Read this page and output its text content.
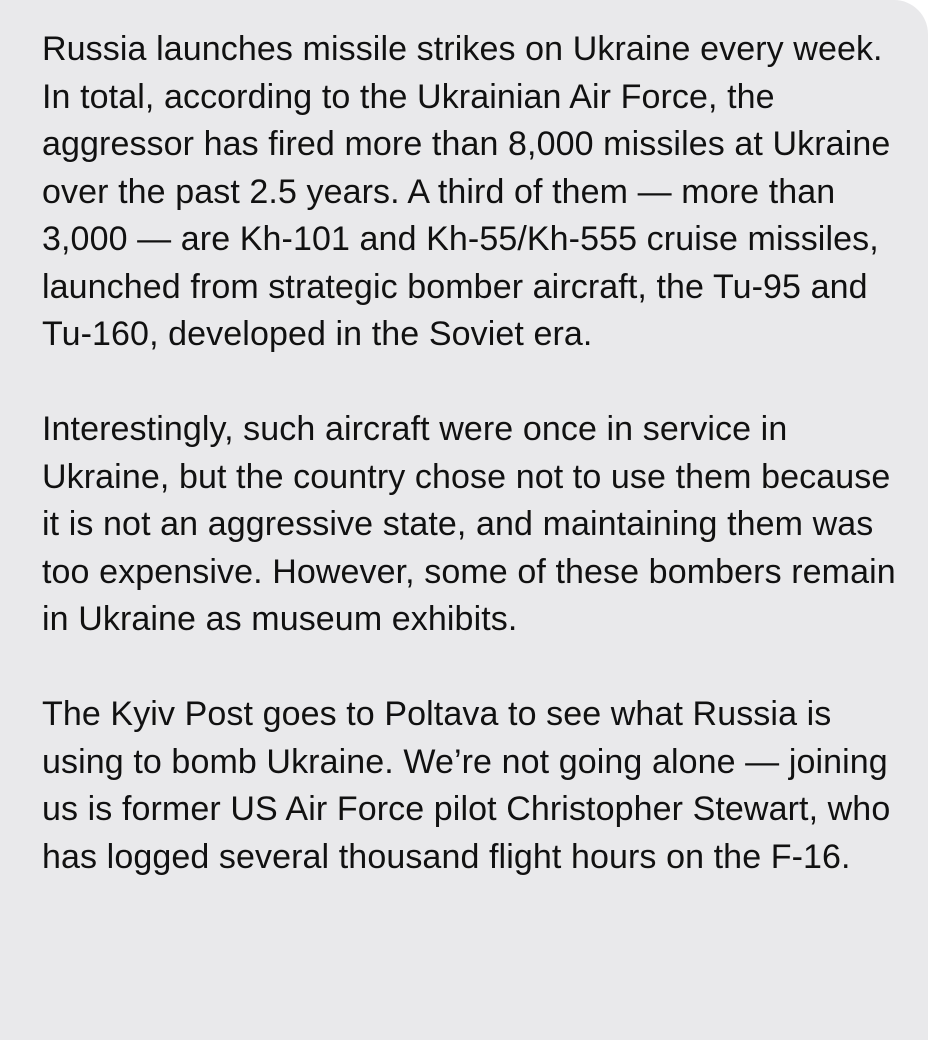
Russia launches missile strikes on Ukraine every week. In total, according to the Ukrainian Air Force, the aggressor has fired more than 8,000 missiles at Ukraine over the past 2.5 years. A third of them — more than 3,000 — are Kh-101 and Kh-55/Kh-555 cruise missiles, launched from strategic bomber aircraft, the Tu-95 and Tu-160, developed in the Soviet era.

Interestingly, such aircraft were once in service in Ukraine, but the country chose not to use them because it is not an aggressive state, and maintaining them was too expensive. However, some of these bombers remain in Ukraine as museum exhibits.

The Kyiv Post goes to Poltava to see what Russia is using to bomb Ukraine. We’re not going alone — joining us is former US Air Force pilot Christopher Stewart, who has logged several thousand flight hours on the F-16.
